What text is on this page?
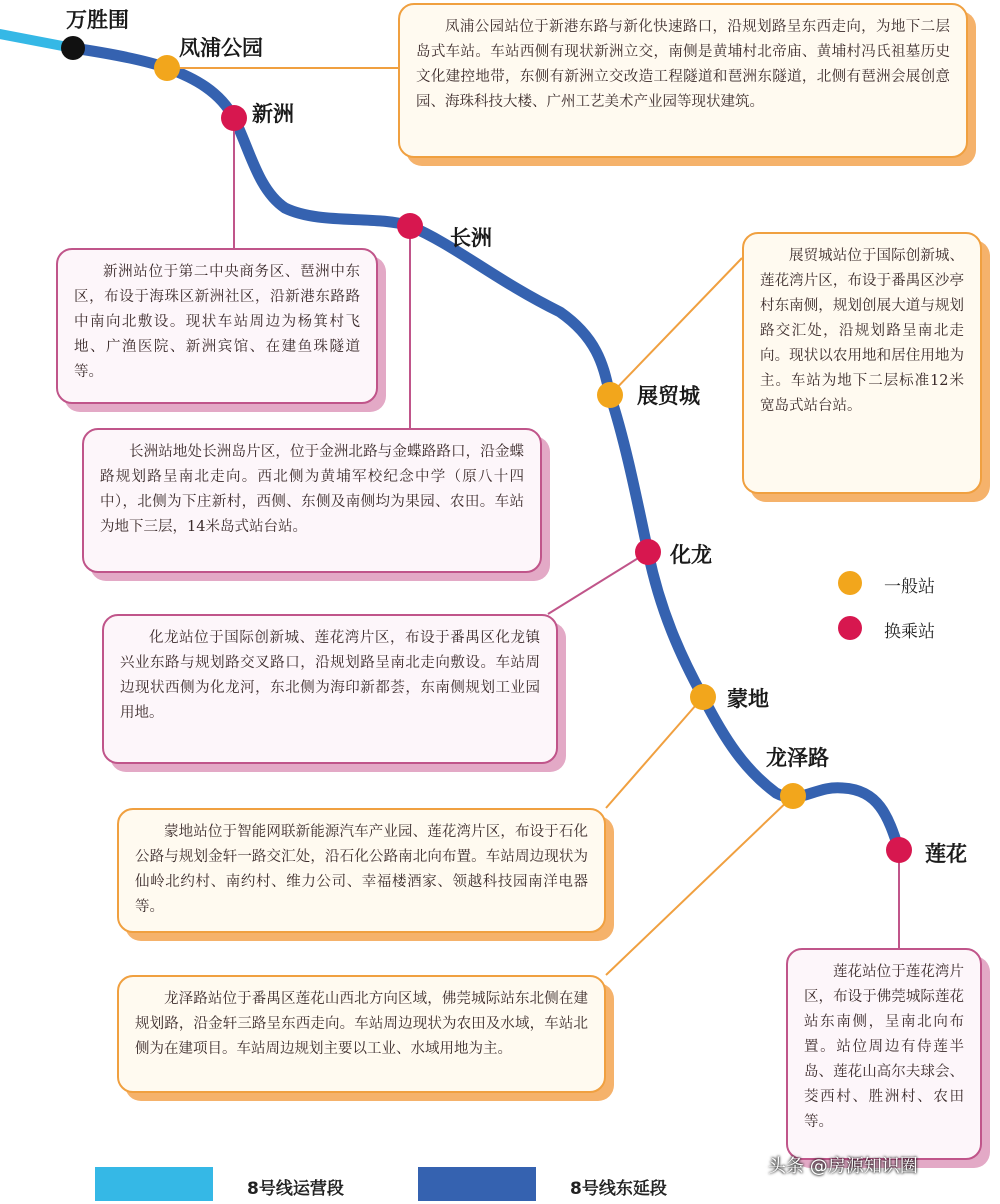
万胜围
凤浦公园
新洲
长洲
展贸城
化龙
蒙地
龙泽路
莲花
凤浦公园站位于新港东路与新化快速路口，沿规划路呈东西走向，为地下二层岛式车站。车站西侧有现状新洲立交，南侧是黄埔村北帝庙、黄埔村冯氏祖墓历史文化建控地带，东侧有新洲立交改造工程隧道和琶洲东隧道，北侧有琶洲会展创意园、海珠科技大楼、广州工艺美术产业园等现状建筑。
新洲站位于第二中央商务区、琶洲中东区，布设于海珠区新洲社区，沿新港东路路中南向北敷设。现状车站周边为杨箕村飞地、广渔医院、新洲宾馆、在建鱼珠隧道等。
展贸城站位于国际创新城、莲花湾片区，布设于番禺区沙亭村东南侧，规划创展大道与规划路交汇处，沿规划路呈南北走向。现状以农用地和居住用地为主。车站为地下二层标准12米宽岛式站台站。
长洲站地处长洲岛片区，位于金洲北路与金蝶路路口，沿金蝶路规划路呈南北走向。西北侧为黄埔军校纪念中学（原八十四中），北侧为下庄新村，西侧、东侧及南侧均为果园、农田。车站为地下三层，14米岛式站台站。
化龙站位于国际创新城、莲花湾片区，布设于番禺区化龙镇兴业东路与规划路交叉路口，沿规划路呈南北走向敷设。车站周边现状西侧为化龙河，东北侧为海印新都荟，东南侧规划工业园用地。
蒙地站位于智能网联新能源汽车产业园、莲花湾片区，布设于石化公路与规划金轩一路交汇处，沿石化公路南北向布置。车站周边现状为仙岭北约村、南约村、维力公司、幸福楼酒家、领越科技园南洋电器等。
龙泽路站位于番禺区莲花山西北方向区域，佛莞城际站东北侧在建规划路，沿金轩三路呈东西走向。车站周边现状为农田及水域，车站北侧为在建项目。车站周边规划主要以工业、水域用地为主。
莲花站位于莲花湾片区，布设于佛莞城际莲花站东南侧，呈南北向布置。站位周边有侍莲半岛、莲花山高尔夫球会、茭西村、胜洲村、农田等。
一般站
换乘站
8号线运营段	8号线东延段
头条 @房源知识圈
